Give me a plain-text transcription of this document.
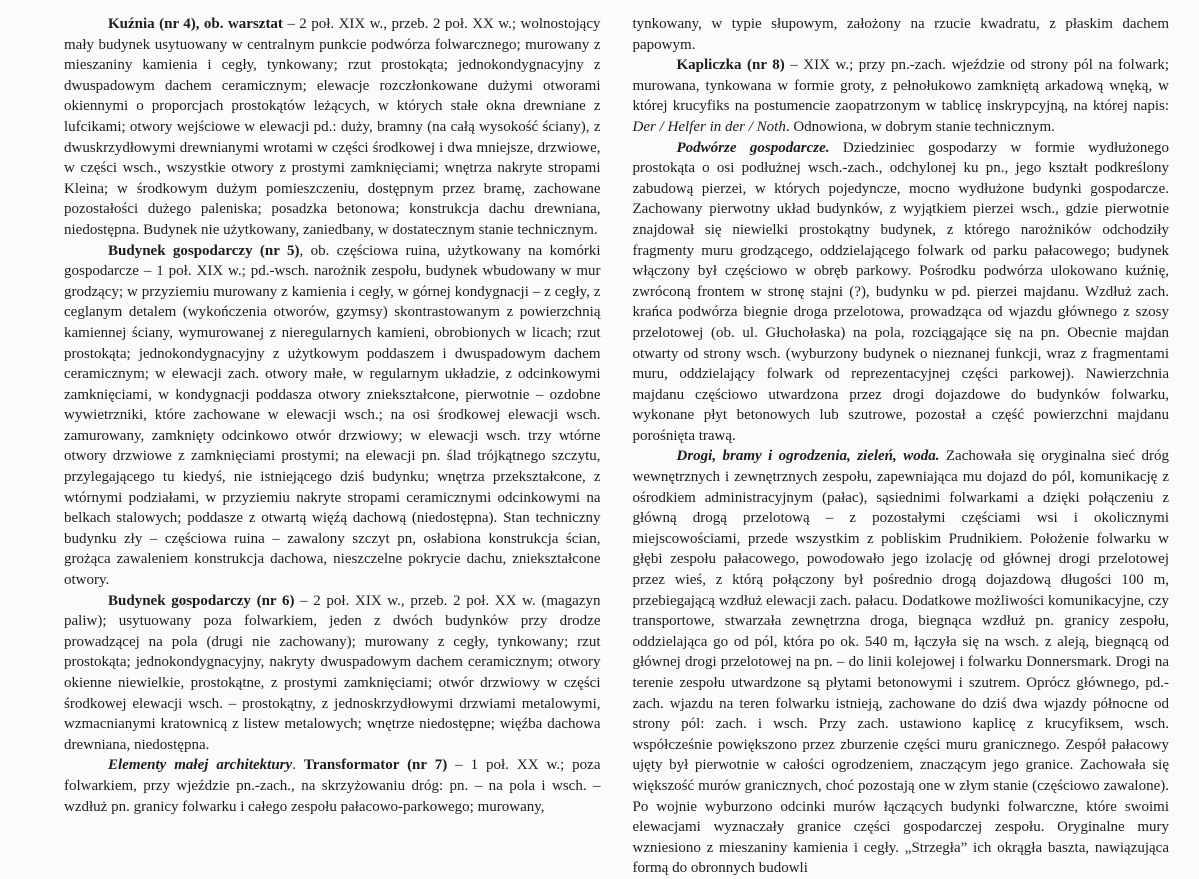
Kuźnia (nr 4), ob. warsztat – 2 poł. XIX w., przeb. 2 poł. XX w.; wolnostojący mały budynek usytuowany w centralnym punkcie podwórza folwarcznego; murowany z mieszaniny kamienia i cegły, tynkowany; rzut prostokąta; jednokondygnacyjny z dwuspadowym dachem ceramicznym; elewacje rozczłonkowane dużymi otworami okiennymi o proporcjach prostokątów leżących, w których stałe okna drewniane z lufcikami; otwory wejściowe w elewacji pd.: duży, bramny (na całą wysokość ściany), z dwuskrzydłowymi drewnianymi wrotami w części środkowej i dwa mniejsze, drzwiowe, w części wsch., wszystkie otwory z prostymi zamknięciami; wnętrza nakryte stropami Kleina; w środkowym dużym pomieszczeniu, dostępnym przez bramę, zachowane pozostałości dużego paleniska; posadzka betonowa; konstrukcja dachu drewniana, niedostępna. Budynek nie użytkowany, zaniedbany, w dostatecznym stanie technicznym.

Budynek gospodarczy (nr 5), ob. częściowa ruina, użytkowany na komórki gospodarcze – 1 poł. XIX w.; pd.-wsch. narożnik zespołu, budynek wbudowany w mur grodzący; w przyziemiu murowany z kamienia i cegły, w górnej kondygnacji – z cegły, z ceglanym detalem (wykończenia otworów, gzymsy) skontrastowanym z powierzchnią kamiennej ściany, wymurowanej z nieregularnych kamieni, obrobionych w licach; rzut prostokąta; jednokondygnacyjny z użytkowym poddaszem i dwuspadowym dachem ceramicznym; w elewacji zach. otwory małe, w regularnym układzie, z odcinkowymi zamknięciami, w kondygnacji poddasza otwory zniekształcone, pierwotnie – ozdobne wywietrzniki, które zachowane w elewacji wsch.; na osi środkowej elewacji wsch. zamurowany, zamknięty odcinkowo otwór drzwiowy; w elewacji wsch. trzy wtórne otwory drzwiowe z zamknięciami prostymi; na elewacji pn. ślad trójkątnego szczytu, przylegającego tu kiedyś, nie istniejącego dziś budynku; wnętrza przekształcone, z wtórnymi podziałami, w przyziemiu nakryte stropami ceramicznymi odcinkowymi na belkach stalowych; poddasze z otwartą więźą dachową (niedostępna). Stan techniczny budynku zły – częściowa ruina – zawalony szczyt pn, osłabiona konstrukcja ścian, grożąca zawaleniem konstrukcja dachowa, nieszczelne pokrycie dachu, zniekształcone otwory.

Budynek gospodarczy (nr 6) – 2 poł. XIX w., przeb. 2 poł. XX w. (magazyn paliw); usytuowany poza folwarkiem, jeden z dwóch budynków przy drodze prowadzącej na pola (drugi nie zachowany); murowany z cegły, tynkowany; rzut prostokąta; jednokondygnacyjny, nakryty dwuspadowym dachem ceramicznym; otwory okienne niewielkie, prostokątne, z prostymi zamknięciami; otwór drzwiowy w części środkowej elewacji wsch. – prostokątny, z jednoskrzydłowymi drzwiami metalowymi, wzmacnianymi kratownicą z listew metalowych; wnętrze niedostępne; więźba dachowa drewniana, niedostępna.

Elementy małej architektury. Transformator (nr 7) – 1 poł. XX w.; poza folwarkiem, przy wjeździe pn.-zach., na skrzyżowaniu dróg: pn. – na pola i wsch. – wzdłuż pn. granicy folwarku i całego zespołu pałacowo-parkowego; murowany,

tynkowany, w typie słupowym, założony na rzucie kwadratu, z płaskim dachem papowym.

Kapliczka (nr 8) – XIX w.; przy pn.-zach. wjeździe od strony pól na folwark; murowana, tynkowana w formie groty, z pełnołukowo zamkniętą arkadową wnęką, w której krucyfiks na postumencie zaopatrzonym w tablicę inskrypcyjną, na której napis: Der / Helfer in der / Noth. Odnowiona, w dobrym stanie technicznym.

Podwórze gospodarcze. Dziedziniec gospodarzy w formie wydłużonego prostokąta o osi podłużnej wsch.-zach., odchylonej ku pn., jego kształt podkreślony zabudową pierzei, w których pojedyncze, mocno wydłużone budynki gospodarcze. Zachowany pierwotny układ budynków, z wyjątkiem pierzei wsch., gdzie pierwotnie znajdował się niewielki prostokątny budynek, z którego narożników odchodziły fragmenty muru grodzącego, oddzielającego folwark od parku pałacowego; budynek włączony był częściowo w obręb parkowy. Pośrodku podwórza ulokowano kuźnię, zwróconą frontem w stronę stajni (?), budynku w pd. pierzei majdanu. Wzdłuż zach. krańca podwórza biegnie droga przelotowa, prowadząca od wjazdu głównego z szosy przelotowej (ob. ul. Głuchołaska) na pola, rozciągające się na pn. Obecnie majdan otwarty od strony wsch. (wyburzony budynek o nieznanej funkcji, wraz z fragmentami muru, oddzielający folwark od reprezentacyjnej części parkowej). Nawierzchnia majdanu częściowo utwardzona przez drogi dojazdowe do budynków folwarku, wykonane płyt betonowych lub szutrowe, pozostał a część powierzchni majdanu porośnięta trawą.

Drogi, bramy i ogrodzenia, zieleń, woda. Zachowała się oryginalna sieć dróg wewnętrznych i zewnętrznych zespołu, zapewniająca mu dojazd do pól, komunikację z ośrodkiem administracyjnym (pałac), sąsiednimi folwarkami a dzięki połączeniu z główną drogą przelotową – z pozostałymi częściami wsi i okolicznymi miejscowościami, przede wszystkim z pobliskim Prudnikiem. Położenie folwarku w głębi zespołu pałacowego, powodowało jego izolację od głównej drogi przelotowej przez wieś, z którą połączony był pośrednio drogą dojazdową długości 100 m, przebiegającą wzdłuż elewacji zach. pałacu. Dodatkowe możliwości komunikacyjne, czy transportowe, stwarzała zewnętrzna droga, biegnąca wzdłuż pn. granicy zespołu, oddzielająca go od pól, która po ok. 540 m, łączyła się na wsch. z aleją, biegnącą od głównej drogi przelotowej na pn. – do linii kolejowej i folwarku Donnersmark. Drogi na terenie zespołu utwardzone są płytami betonowymi i szutrem. Oprócz głównego, pd.-zach. wjazdu na teren folwarku istnieją, zachowane do dziś dwa wjazdy północne od strony pól: zach. i wsch. Przy zach. ustawiono kaplicę z krucyfiksem, wsch. współcześnie powiększono przez zburzenie części muru granicznego. Zespół pałacowy ujęty był pierwotnie w całości ogrodzeniem, znaczącym jego granice. Zachowała się większość murów granicznych, choć pozostają one w złym stanie (częściowo zawalone). Po wojnie wyburzono odcinki murów łączących budynki folwarczne, które swoimi elewacjami wyznaczały granice części gospodarczej zespołu. Oryginalne mury wzniesiono z mieszaniny kamienia i cegły. „Strzegła” ich okrągła baszta, nawiązująca formą do obronnych budowli
